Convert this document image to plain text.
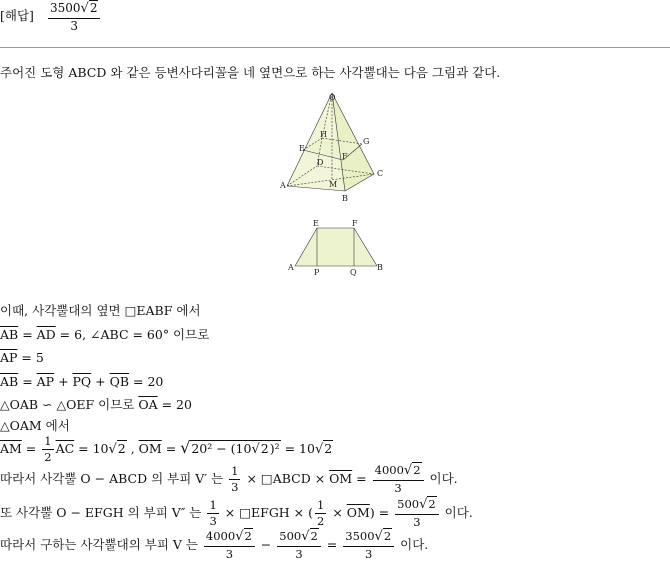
[해답] $\frac{3500√2}{3}$
주어진 도형 ABCD 와 같은 등변사다리꼴을 네 옆면으로 하는 사각뿔대는 다음 그림과 같다.
O
H
E
G
D
F
A	M
C
B
E	F
A
P	Q
B
이때, 사각뿔대의 옆면 □EABF 에서
$\overline{AB} = \overline{AD} = 6$, ∠ABC = 60° 이므로
$\overline{AP} = 5$
$\overline{AB} = \overline{AP} + \overline{PQ} + \overline{QB} = 20$
△OAB ∽ △OEF 이므로 $\overline{OA} = 20$
△OAM 에서
$\overline{AM} = \frac{1}{2} \overline{AC} = 10√2$ , $\overline{OM} = √20^2 - (10√2)^2 = 10√2$
따라서 사각뿔 O − ABCD 의 부피 V′ 는 $\frac{1}{3}$ × □ABCD × $\overline{OM} = \frac{4000√2}{3}$ 이다.
또 사각뿔 O − EFGH 의 부피 V″ 는 $\frac{1}{3}$ × □EFGH × ( $\frac{1}{2} \times \overline{OM}) = \frac{500√2}{3}$ 이다.
따라서 구하는 사각뿔대의 부피 V 는 $\frac{4000√2}{3} - \frac{500√2}{3} = \frac{3500√2}{3}$ 이다.
